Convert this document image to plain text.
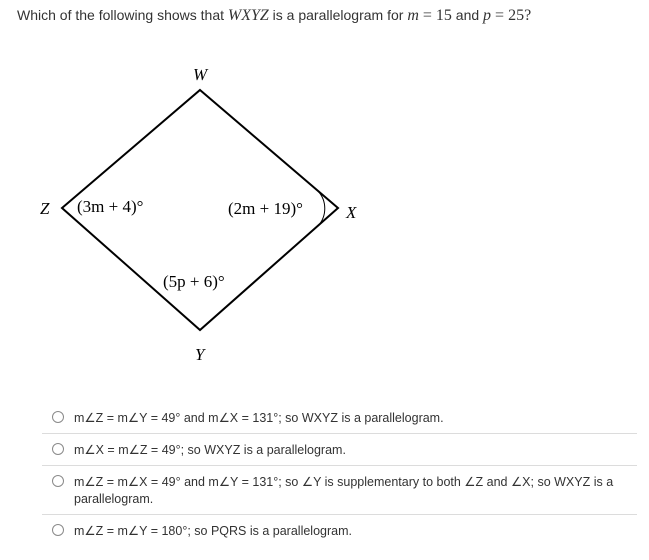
Which of the following shows that WXYZ is a parallelogram for m = 15 and p = 25?
W
Z	X
Y
(3m + 4)°	(2m + 19)°
(5p + 6)°
m∠Z = m∠Y = 49° and m∠X = 131°; so WXYZ is a parallelogram.
m∠X = m∠Z = 49°; so WXYZ is a parallelogram.
m∠Z = m∠X = 49° and m∠Y = 131°; so ∠Y is supplementary to both ∠Z and ∠X; so WXYZ is a parallelogram.
m∠Z = m∠Y = 180°; so PQRS is a parallelogram.
